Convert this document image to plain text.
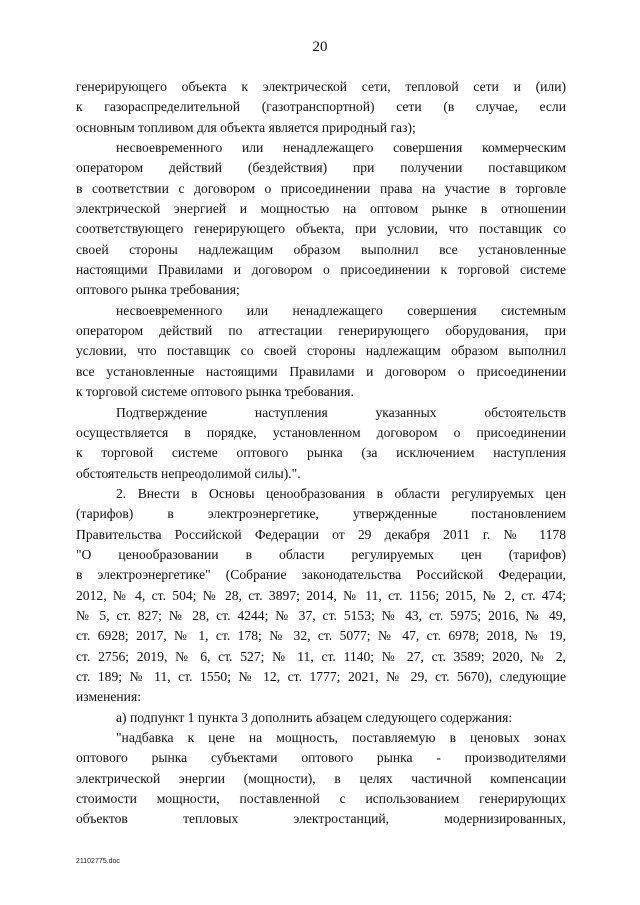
20
генерирующего объекта к электрической сети, тепловой сети и (или)
к газораспределительной (газотранспортной) сети (в случае, если
основным топливом для объекта является природный газ);
несвоевременного или ненадлежащего совершения коммерческим
оператором действий (бездействия) при получении поставщиком
в соответствии с договором о присоединении права на участие в торговле
электрической энергией и мощностью на оптовом рынке в отношении
соответствующего генерирующего объекта, при условии, что поставщик со
своей стороны надлежащим образом выполнил все установленные
настоящими Правилами и договором о присоединении к торговой системе
оптового рынка требования;
несвоевременного или ненадлежащего совершения системным
оператором действий по аттестации генерирующего оборудования, при
условии, что поставщик со своей стороны надлежащим образом выполнил
все установленные настоящими Правилами и договором о присоединении
к торговой системе оптового рынка требования.
Подтверждение наступления указанных обстоятельств
осуществляется в порядке, установленном договором о присоединении
к торговой системе оптового рынка (за исключением наступления
обстоятельств непреодолимой силы).".
2. Внести в Основы ценообразования в области регулируемых цен
(тарифов) в электроэнергетике, утвержденные постановлением
Правительства Российской Федерации от 29 декабря 2011 г. № 1178
"О ценообразовании в области регулируемых цен (тарифов)
в электроэнергетике" (Собрание законодательства Российской Федерации,
2012, № 4, ст. 504; № 28, ст. 3897; 2014, № 11, ст. 1156; 2015, № 2, ст. 474;
№ 5, ст. 827; № 28, ст. 4244; № 37, ст. 5153; № 43, ст. 5975; 2016, № 49,
ст. 6928; 2017, № 1, ст. 178; № 32, ст. 5077; № 47, ст. 6978; 2018, № 19,
ст. 2756; 2019, № 6, ст. 527; № 11, ст. 1140; № 27, ст. 3589; 2020, № 2,
ст. 189; № 11, ст. 1550; № 12, ст. 1777; 2021, № 29, ст. 5670), следующие
изменения:
а) подпункт 1 пункта 3 дополнить абзацем следующего содержания:
"надбавка к цене на мощность, поставляемую в ценовых зонах
оптового рынка субъектами оптового рынка - производителями
электрической энергии (мощности), в целях частичной компенсации
стоимости мощности, поставленной с использованием генерирующих
объектов тепловых электростанций, модернизированных,
21102775.doc
